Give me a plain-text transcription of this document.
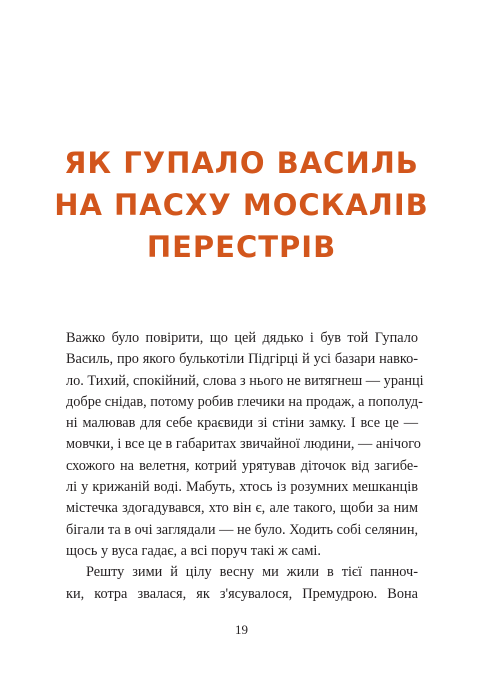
ЯК ГУПАЛО ВАСИЛЬ
НА ПАСХУ МОСКАЛІВ
ПЕРЕСТРІВ
Важко було повірити, що цей дядько і був той Гупало
Василь, про якого булькотіли Підгірці й усі базари навко-
ло. Тихий, спокійний, слова з нього не витягнеш — уранці
добре снідав, потому робив глечики на продаж, а пополуд-
ні малював для себе краєвиди зі стіни замку. І все це —
мовчки, і все це в габаритах звичайної людини, — анічого
схожого на велетня, котрий урятував діточок від загибе-
лі у крижаній воді. Мабуть, хтось із розумних мешканців
містечка здогадувався, хто він є, але такого, щоби за ним
бігали та в очі заглядали — не було. Ходить собі селянин,
щось у вуса гадає, а всі поруч такі ж самі.
Решту зими й цілу весну ми жили в тієї панноч-
ки, котра звалася, як з'ясувалося, Премудрою. Вона
19
